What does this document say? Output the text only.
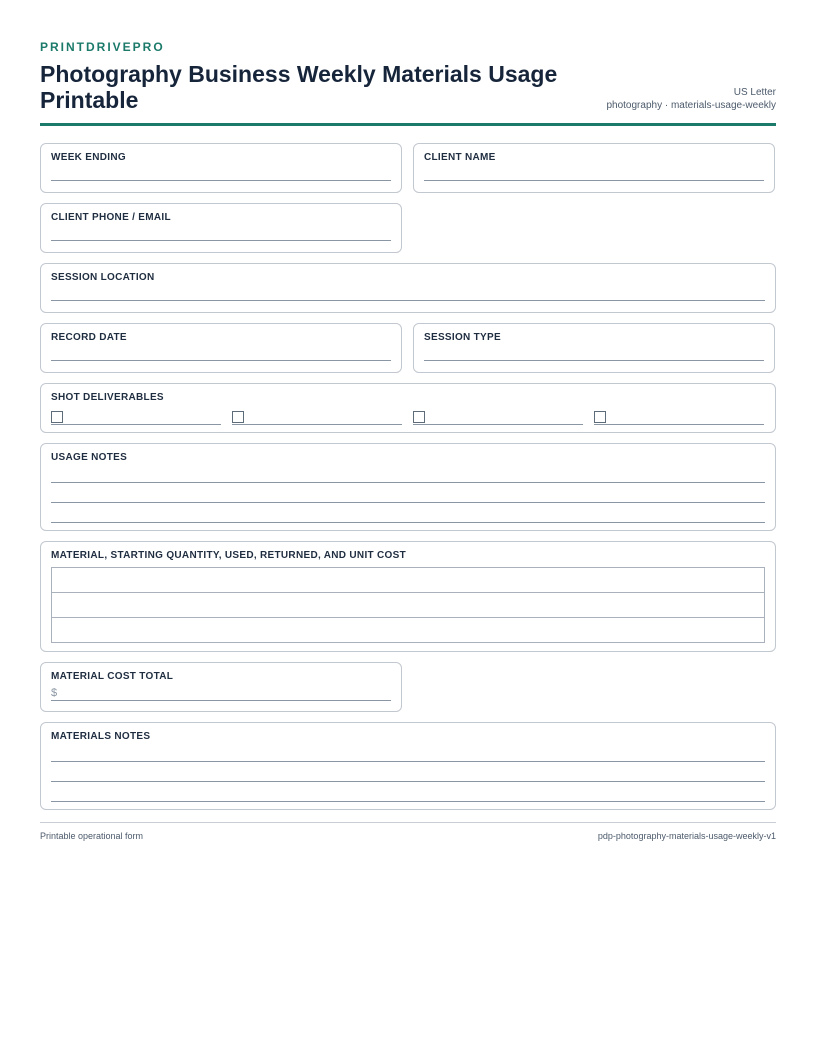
PRINTDRIVEPRO
Photography Business Weekly Materials Usage Printable	US Letter
photography · materials-usage-weekly
WEEK ENDING	CLIENT NAME
CLIENT PHONE / EMAIL
SESSION LOCATION
RECORD DATE	SESSION TYPE
SHOT DELIVERABLES
USAGE NOTES
MATERIAL, STARTING QUANTITY, USED, RETURNED, AND UNIT COST

MATERIAL COST TOTAL
$
MATERIALS NOTES
Printable operational form	pdp-photography-materials-usage-weekly-v1
